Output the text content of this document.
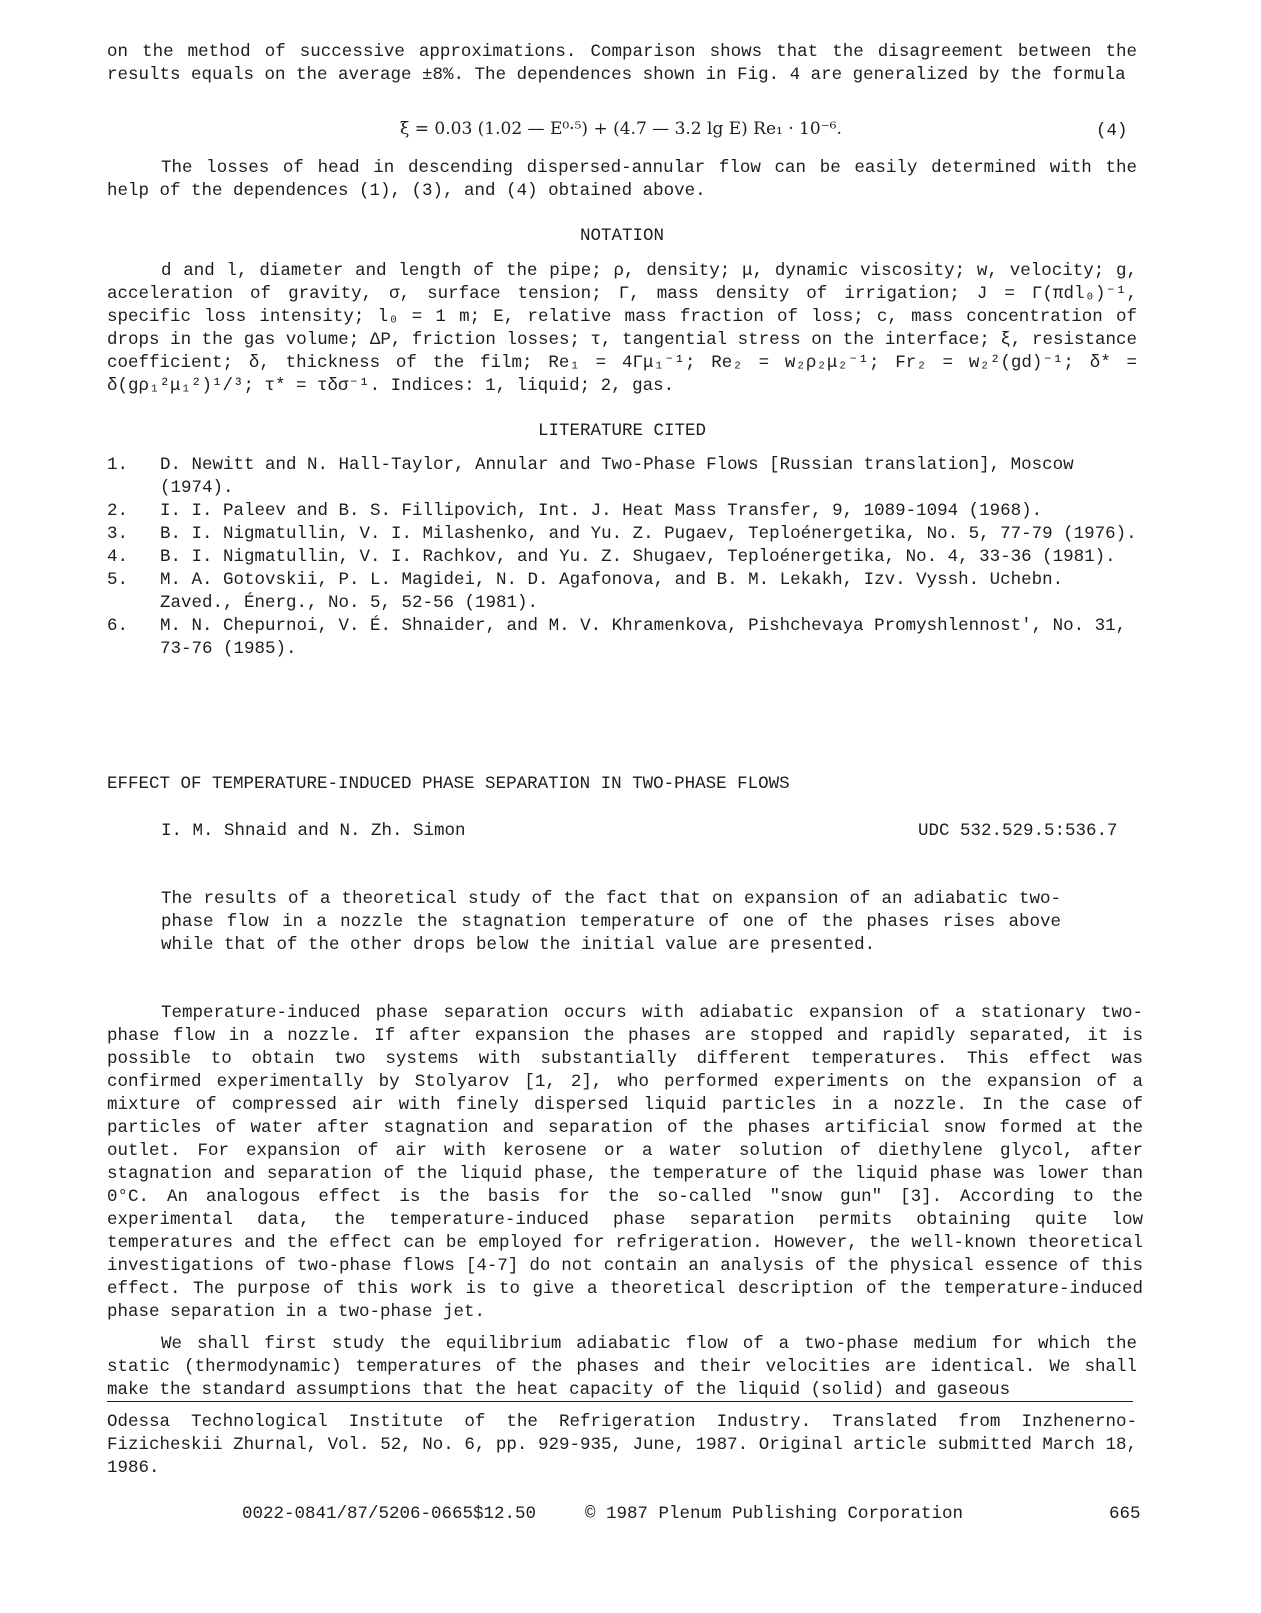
on the method of successive approximations. Comparison shows that the disagreement between the results equals on the average ±8%. The dependences shown in Fig. 4 are generalized by the formula

ξ = 0.03 (1.02 — E⁰·⁵) + (4.7 — 3.2 lg E) Re₁ · 10⁻⁶.	(4)

The losses of head in descending dispersed-annular flow can be easily determined with the help of the dependences (1), (3), and (4) obtained above.

NOTATION

d and l, diameter and length of the pipe; ρ, density; μ, dynamic viscosity; w, velocity; g, acceleration of gravity, σ, surface tension; Γ, mass density of irrigation; J = Γ(πdl₀)⁻¹, specific loss intensity; l₀ = 1 m; E, relative mass fraction of loss; c, mass concentration of drops in the gas volume; ΔP, friction losses; τ, tangential stress on the interface; ξ, resistance coefficient; δ, thickness of the film; Re₁ = 4Γμ₁⁻¹; Re₂ = w₂ρ₂μ₂⁻¹; Fr₂ = w₂²(gd)⁻¹; δ* = δ(gρ₁²μ₁²)¹/³; τ* = τδσ⁻¹. Indices: 1, liquid; 2, gas.

LITERATURE CITED
1. D. Newitt and N. Hall-Taylor, Annular and Two-Phase Flows [Russian translation], Moscow (1974).
2. I. I. Paleev and B. S. Fillipovich, Int. J. Heat Mass Transfer, 9, 1089-1094 (1968).
3. B. I. Nigmatullin, V. I. Milashenko, and Yu. Z. Pugaev, Teploénergetika, No. 5, 77-79 (1976).
4. B. I. Nigmatullin, V. I. Rachkov, and Yu. Z. Shugaev, Teploénergetika, No. 4, 33-36 (1981).
5. M. A. Gotovskii, P. L. Magidei, N. D. Agafonova, and B. M. Lekakh, Izv. Vyssh. Uchebn. Zaved., Énerg., No. 5, 52-56 (1981).
6. M. N. Chepurnoi, V. É. Shnaider, and M. V. Khramenkova, Pishchevaya Promyshlennost', No. 31, 73-76 (1985).
EFFECT OF TEMPERATURE-INDUCED PHASE SEPARATION IN TWO-PHASE FLOWS
I. M. Shnaid and N. Zh. Simon	UDC 532.529.5:536.7

The results of a theoretical study of the fact that on expansion of an adiabatic two-phase flow in a nozzle the stagnation temperature of one of the phases rises above while that of the other drops below the initial value are presented.

Temperature-induced phase separation occurs with adiabatic expansion of a stationary two-phase flow in a nozzle. If after expansion the phases are stopped and rapidly separated, it is possible to obtain two systems with substantially different temperatures. This effect was confirmed experimentally by Stolyarov [1, 2], who performed experiments on the expansion of a mixture of compressed air with finely dispersed liquid particles in a nozzle. In the case of particles of water after stagnation and separation of the phases artificial snow formed at the outlet. For expansion of air with kerosene or a water solution of diethylene glycol, after stagnation and separation of the liquid phase, the temperature of the liquid phase was lower than 0°C. An analogous effect is the basis for the so-called "snow gun" [3]. According to the experimental data, the temperature-induced phase separation permits obtaining quite low temperatures and the effect can be employed for refrigeration. However, the well-known theoretical investigations of two-phase flows [4-7] do not contain an analysis of the physical essence of this effect. The purpose of this work is to give a theoretical description of the temperature-induced phase separation in a two-phase jet.

We shall first study the equilibrium adiabatic flow of a two-phase medium for which the static (thermodynamic) temperatures of the phases and their velocities are identical. We shall make the standard assumptions that the heat capacity of the liquid (solid) and gaseous

Odessa Technological Institute of the Refrigeration Industry. Translated from Inzhenerno-Fizicheskii Zhurnal, Vol. 52, No. 6, pp. 929-935, June, 1987. Original article submitted March 18, 1986.

0022-0841/87/5206-0665$12.50	© 1987 Plenum Publishing Corporation	665
